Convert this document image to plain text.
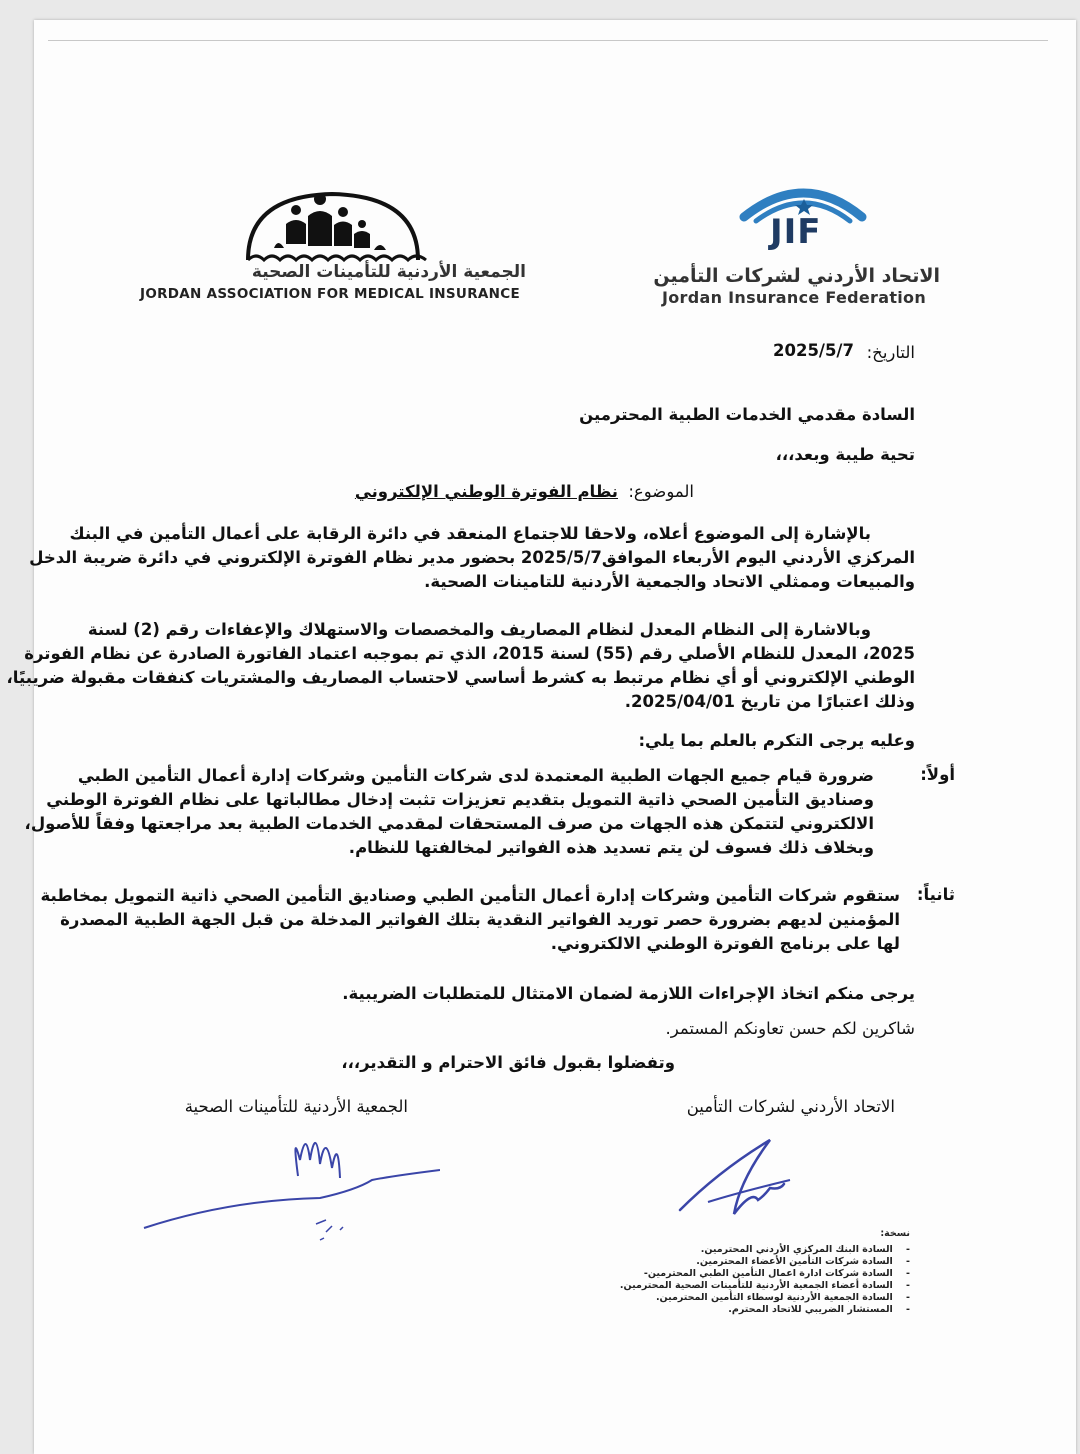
الجمعية الأردنية للتأمينات الصحية
JORDAN ASSOCIATION FOR MEDICAL INSURANCE
JIF
الاتحاد الأردني لشركات التأمين
Jordan Insurance Federation
التاريخ:
2025/5/7
السادة مقدمي الخدمات الطبية المحترمين
تحية طيبة وبعد،،،
الموضوع:
نظام الفوترة الوطني الإلكتروني
بالإشارة إلى الموضوع أعلاه، ولاحقا للاجتماع المنعقد في دائرة الرقابة على أعمال التأمين في البنك
المركزي الأردني اليوم الأربعاء الموافق2025/5/7 بحضور مدير نظام الفوترة الإلكتروني في دائرة ضريبة الدخل
والمبيعات وممثلي الاتحاد والجمعية الأردنية للتامينات الصحية.
وبالاشارة إلى النظام المعدل لنظام المصاريف والمخصصات والاستهلاك والإعفاءات رقم (2) لسنة
2025، المعدل للنظام الأصلي رقم (55) لسنة 2015، الذي تم بموجبه اعتماد الفاتورة الصادرة عن نظام الفوترة
الوطني الإلكتروني أو أي نظام مرتبط به كشرط أساسي لاحتساب المصاريف والمشتريات كنفقات مقبولة ضريبيًا،
وذلك اعتبارًا من تاريخ 2025/04/01.
وعليه يرجى التكرم بالعلم بما يلي:
أولاً:
ضرورة قيام جميع الجهات الطبية المعتمدة لدى شركات التأمين وشركات إدارة أعمال التأمين الطبي
وصناديق التأمين الصحي ذاتية التمويل بتقديم تعزيزات تثبت إدخال مطالباتها على نظام الفوترة الوطني
الالكتروني لتتمكن هذه الجهات من صرف المستحقات لمقدمي الخدمات الطبية بعد مراجعتها وفقاً للأصول،
وبخلاف ذلك فسوف لن يتم تسديد هذه الفواتير لمخالفتها للنظام.
ثانياً:
ستقوم شركات التأمين وشركات إدارة أعمال التأمين الطبي وصناديق التأمين الصحي ذاتية التمويل بمخاطبة
المؤمنين لديهم بضرورة حصر توريد الفواتير النقدية بتلك الفواتير المدخلة من قبل الجهة الطبية المصدرة
لها على برنامج الفوترة الوطني الالكتروني.
يرجى منكم اتخاذ الإجراءات اللازمة لضمان الامتثال للمتطلبات الضريبية.
شاكرين لكم حسن تعاونكم المستمر.
وتفضلوا بقبول فائق الاحترام و التقدير،،،
الاتحاد الأردني لشركات التأمين
الجمعية الأردنية للتأمينات الصحية
نسخة:
-    السادة البنك المركزي الأردني المحترمين.
-    السادة شركات التأمين الأعضاء المحترمين.
-    السادة شركات ادارة اعمال التأمين الطبي المحترمين-
-    السادة أعضاء الجمعية الأردنية للتأمينات الصحية المحترمين.
-    السادة الجمعية الأردنية لوسطاء التأمين المحترمين.
-    المستشار الضريبي للاتحاد المحترم.
